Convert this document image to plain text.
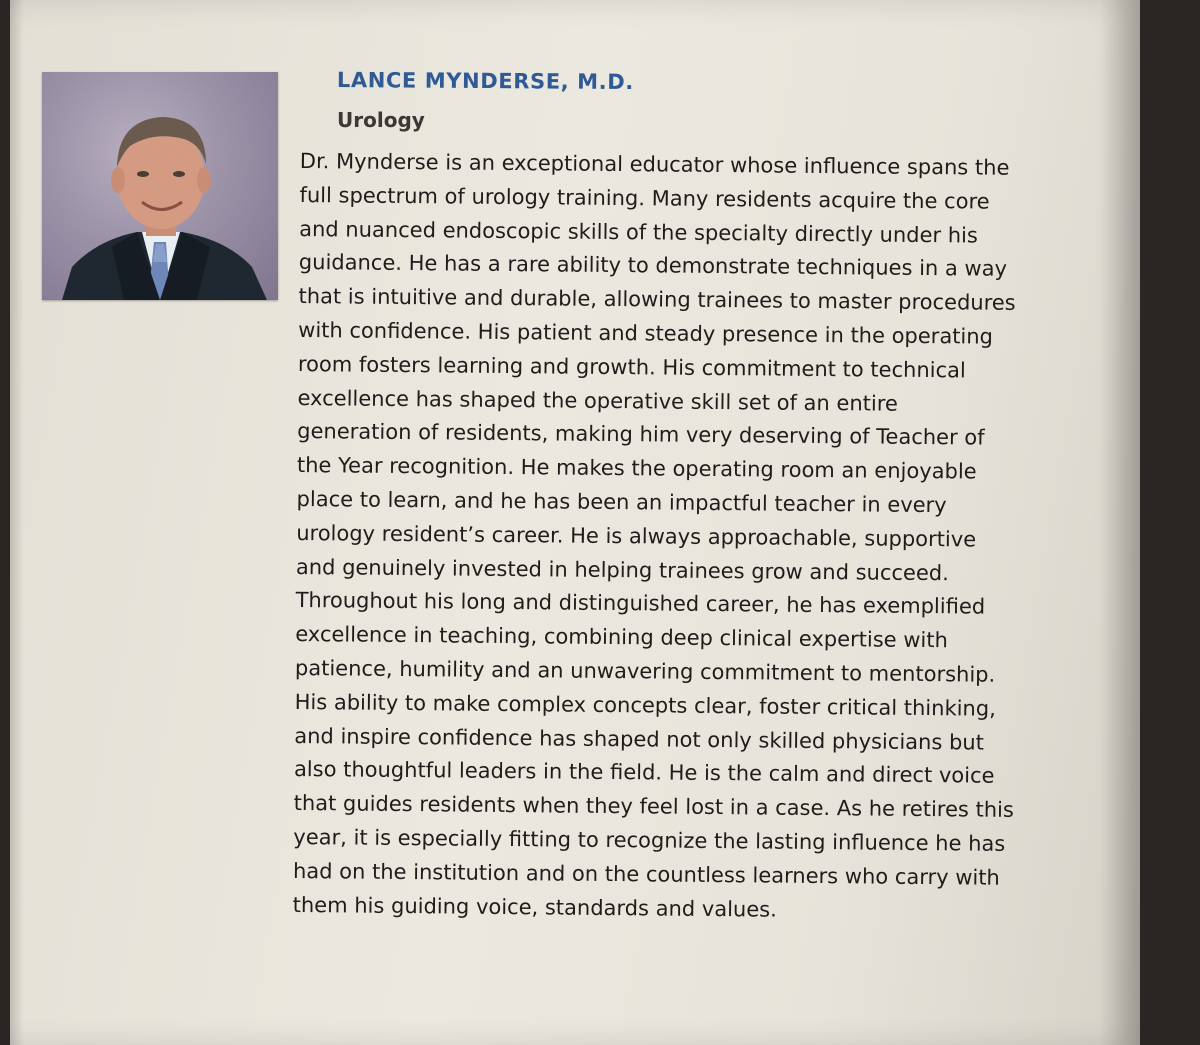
LANCE MYNDERSE, M.D.
Urology
Dr. Mynderse is an exceptional educator whose influence spans the
full spectrum of urology training. Many residents acquire the core
and nuanced endoscopic skills of the specialty directly under his
guidance. He has a rare ability to demonstrate techniques in a way
that is intuitive and durable, allowing trainees to master procedures
with confidence. His patient and steady presence in the operating
room fosters learning and growth. His commitment to technical
excellence has shaped the operative skill set of an entire
generation of residents, making him very deserving of Teacher of
the Year recognition. He makes the operating room an enjoyable
place to learn, and he has been an impactful teacher in every
urology resident’s career. He is always approachable, supportive
and genuinely invested in helping trainees grow and succeed.
Throughout his long and distinguished career, he has exemplified
excellence in teaching, combining deep clinical expertise with
patience, humility and an unwavering commitment to mentorship.
His ability to make complex concepts clear, foster critical thinking,
and inspire confidence has shaped not only skilled physicians but
also thoughtful leaders in the field. He is the calm and direct voice
that guides residents when they feel lost in a case. As he retires this
year, it is especially fitting to recognize the lasting influence he has
had on the institution and on the countless learners who carry with
them his guiding voice, standards and values.
